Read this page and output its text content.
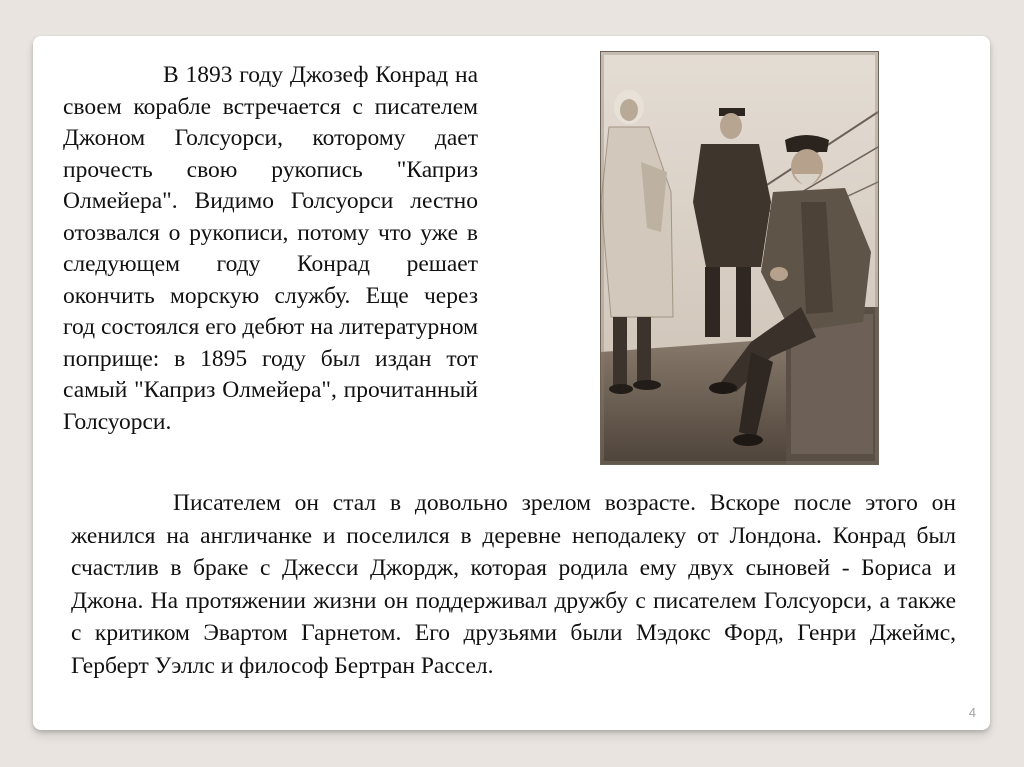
В 1893 году Джозеф Конрад на своем корабле встречается с писателем Джоном Голсуорси, которому дает прочесть свою рукопись "Каприз Олмейера". Видимо Голсуорси лестно отозвался о рукописи, потому что уже в следующем году Конрад решает окончить морскую службу. Еще через год состоялся его дебют на литературном поприще: в 1895 году был издан тот самый "Каприз Олмейера", прочитанный Голсуорси.

Писателем он стал в довольно зрелом возрасте. Вскоре после этого он женился на англичанке и поселился в деревне неподалеку от Лондона. Конрад был счастлив в браке с Джесси Джордж, которая родила ему двух сыновей - Бориса и Джона. На протяжении жизни он поддерживал дружбу с писателем Голсуорси, а также с критиком Эвартом Гарнетом. Его друзьями были Мэдокс Форд, Генри Джеймс, Герберт Уэллс и философ Бертран Рассел.

4
